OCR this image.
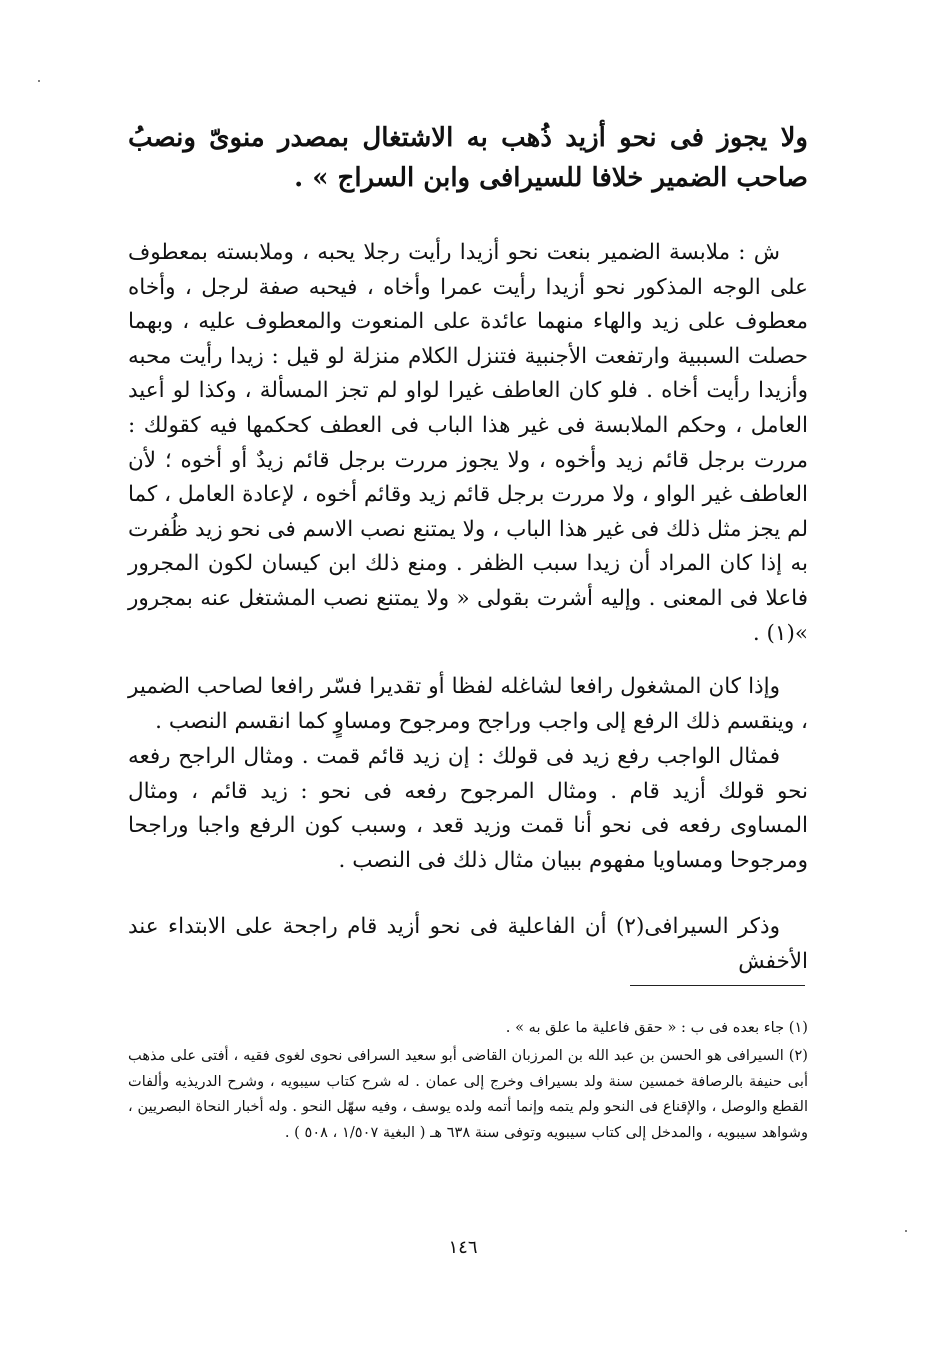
ولا يجوز فى نحو أزيد ذُهب به الاشتغال بمصدر منوىّ ونصبُ صاحب الضمير خلافا للسيرافى وابن السراج » .
ش : ملابسة الضمير بنعت نحو أزيدا رأيت رجلا يحبه ، وملابسته بمعطوف على الوجه المذكور نحو أزيدا رأيت عمرا وأخاه ، فيحبه صفة لرجل ، وأخاه معطوف على زيد والهاء منهما عائدة على المنعوت والمعطوف عليه ، وبهما حصلت السببية وارتفعت الأجنبية فتنزل الكلام منزلة لو قيل : زيدا رأيت محبه وأزيدا رأيت أخاه . فلو كان العاطف غيرا لواو لم تجز المسألة ، وكذا لو أعيد العامل ، وحكم الملابسة فى غير هذا الباب فى العطف كحكمها فيه كقولك : مررت برجل قائم زيد وأخوه ، ولا يجوز مررت برجل قائم زيدٌ أو أخوه ؛ لأن العاطف غير الواو ، ولا مررت برجل قائم زيد وقائم أخوه ، لإعادة العامل ، كما لم يجز مثل ذلك فى غير هذا الباب ، ولا يمتنع نصب الاسم فى نحو زيد ظُفرت به إذا كان المراد أن زيدا سبب الظفر . ومنع ذلك ابن كيسان لكون المجرور فاعلا فى المعنى . وإليه أشرت بقولى « ولا يمتنع نصب المشتغل عنه بمجرور »(١) .
وإذا كان المشغول رافعا لشاغله لفظا أو تقديرا فسّر رافعا لصاحب الضمير ، وينقسم ذلك الرفع إلى واجب وراجح ومرجوح ومساوٍ كما انقسم النصب .
فمثال الواجب رفع زيد فى قولك : إن زيد قائم قمت . ومثال الراجح رفعه نحو قولك أزيد قام . ومثال المرجوح رفعه فى نحو : زيد قائم ، ومثال المساوى رفعه فى نحو أنا قمت وزيد قعد ، وسبب كون الرفع واجبا وراجحا ومرجوحا ومساويا مفهوم ببيان مثال ذلك فى النصب .
وذكر السيرافى(٢) أن الفاعلية فى نحو أزيد قام راجحة على الابتداء عند الأخفش

(١) جاء بعده فى ب : « حقق فاعلية ما علق به » .

(٢) السيرافى هو الحسن بن عبد الله بن المرزبان القاضى أبو سعيد السرافى نحوى لغوى فقيه ، أفتى على مذهب أبى حنيفة بالرصافة خمسين سنة ولد بسيراف وخرج إلى عمان . له شرح كتاب سيبويه ، وشرح الدريذيه وألفات القطع والوصل ، والإقناع فى النحو ولم يتمه وإنما أتمه ولده يوسف ، وفيه سهّل النحو . وله أخبار النحاة البصريين ، وشواهد سيبويه ، والمدخل إلى كتاب سيبويه وتوفى سنة ٦٣٨ هـ ( البغية ١/٥٠٧ ، ٥٠٨ ) .

١٤٦
